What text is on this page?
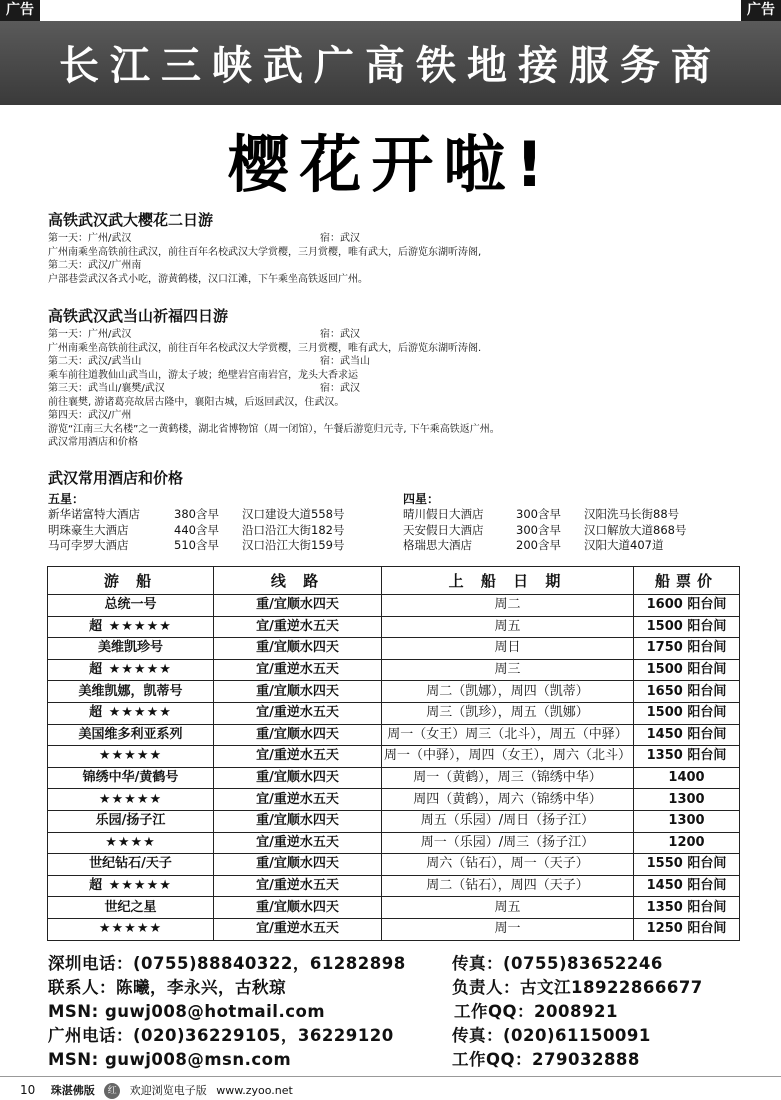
广告	广告
长江三峡武广高铁地接服务商
樱花开啦!
高铁武汉武大樱花二日游
第一天：广州/武汉	宿：武汉
广州南乘坐高铁前往武汉，前往百年名校武汉大学赏樱，三月赏樱，唯有武大，后游览东湖听涛阁,
第二天：武汉/广州南
户部巷尝武汉各式小吃，游黄鹤楼，汉口江滩，下午乘坐高铁返回广州。
高铁武汉武当山祈福四日游
第一天：广州/武汉	宿：武汉
广州南乘坐高铁前往武汉，前往百年名校武汉大学赏樱，三月赏樱，唯有武大，后游览东湖听涛阁.
第二天：武汉/武当山	宿：武当山
乘车前往道教仙山武当山，游太子坡；绝壁岩宫南岩宫，龙头大香求运
第三天：武当山/襄樊/武汉	宿：武汉
前往襄樊, 游诸葛亮故居古隆中，襄阳古城，后返回武汉，住武汉。
第四天：武汉/广州
游览“江南三大名楼”之一黄鹤楼，湖北省博物馆（周一闭馆），午餐后游览归元寺, 下午乘高铁返广州。
武汉常用酒店和价格
武汉常用酒店和价格
五星：
新华诺富特大酒店	380含早 汉口建设大道558号
明珠豪生大酒店	440含早 沿口沿江大街182号
马可孛罗大酒店	510含早 汉口沿江大街159号
四星：
晴川假日大酒店	300含早 汉阳洗马长街88号
天安假日大酒店	300含早 汉口解放大道868号
格瑞思大酒店	200含早 汉阳大道407道
游 船	线 路	上 船 日 期	船票价
总统一号	重/宜顺水四天	周二	1600 阳台间
超 ★★★★★	宜/重逆水五天	周五	1500 阳台间
美维凯珍号	重/宜顺水四天	周日	1750 阳台间
超 ★★★★★	宜/重逆水五天	周三	1500 阳台间
美维凯娜，凯蒂号	重/宜顺水四天	周二（凯娜），周四（凯蒂）	1650 阳台间
超 ★★★★★	宜/重逆水五天	周三（凯珍），周五（凯娜）	1500 阳台间
美国维多利亚系列	重/宜顺水四天	周一（女王）周三（北斗），周五（中驿）	1450 阳台间
★★★★★	宜/重逆水五天	周一（中驿），周四（女王），周六（北斗）	1350 阳台间
锦绣中华/黄鹤号	重/宜顺水四天	周一（黄鹤），周三（锦绣中华）	1400
★★★★★	宜/重逆水五天	周四（黄鹤），周六（锦绣中华）	1300
乐园/扬子江	重/宜顺水四天	周五（乐园）/周日（扬子江）	1300
★★★★	宜/重逆水五天	周一（乐园）/周三（扬子江）	1200
世纪钻石/天子	重/宜顺水四天	周六（钻石），周一（天子）	1550 阳台间
超 ★★★★★	宜/重逆水五天	周二（钻石），周四（天子）	1450 阳台间
世纪之星	重/宜顺水四天	周五	1350 阳台间
★★★★★	宜/重逆水五天	周一	1250 阳台间
深圳电话：(0755)88840322，61282898	传真：(0755)83652246
联系人：陈曦，李永兴，古秋琼	负责人：古文江18922866677
MSN: guwj008@hotmail.com	工作QQ：2008921
广州电话：(020)36229105，36229120	传真：(020)61150091
MSN: guwj008@msn.com	工作QQ：279032888
10 珠湛佛版 红 欢迎浏览电子版 www.zyoo.net
